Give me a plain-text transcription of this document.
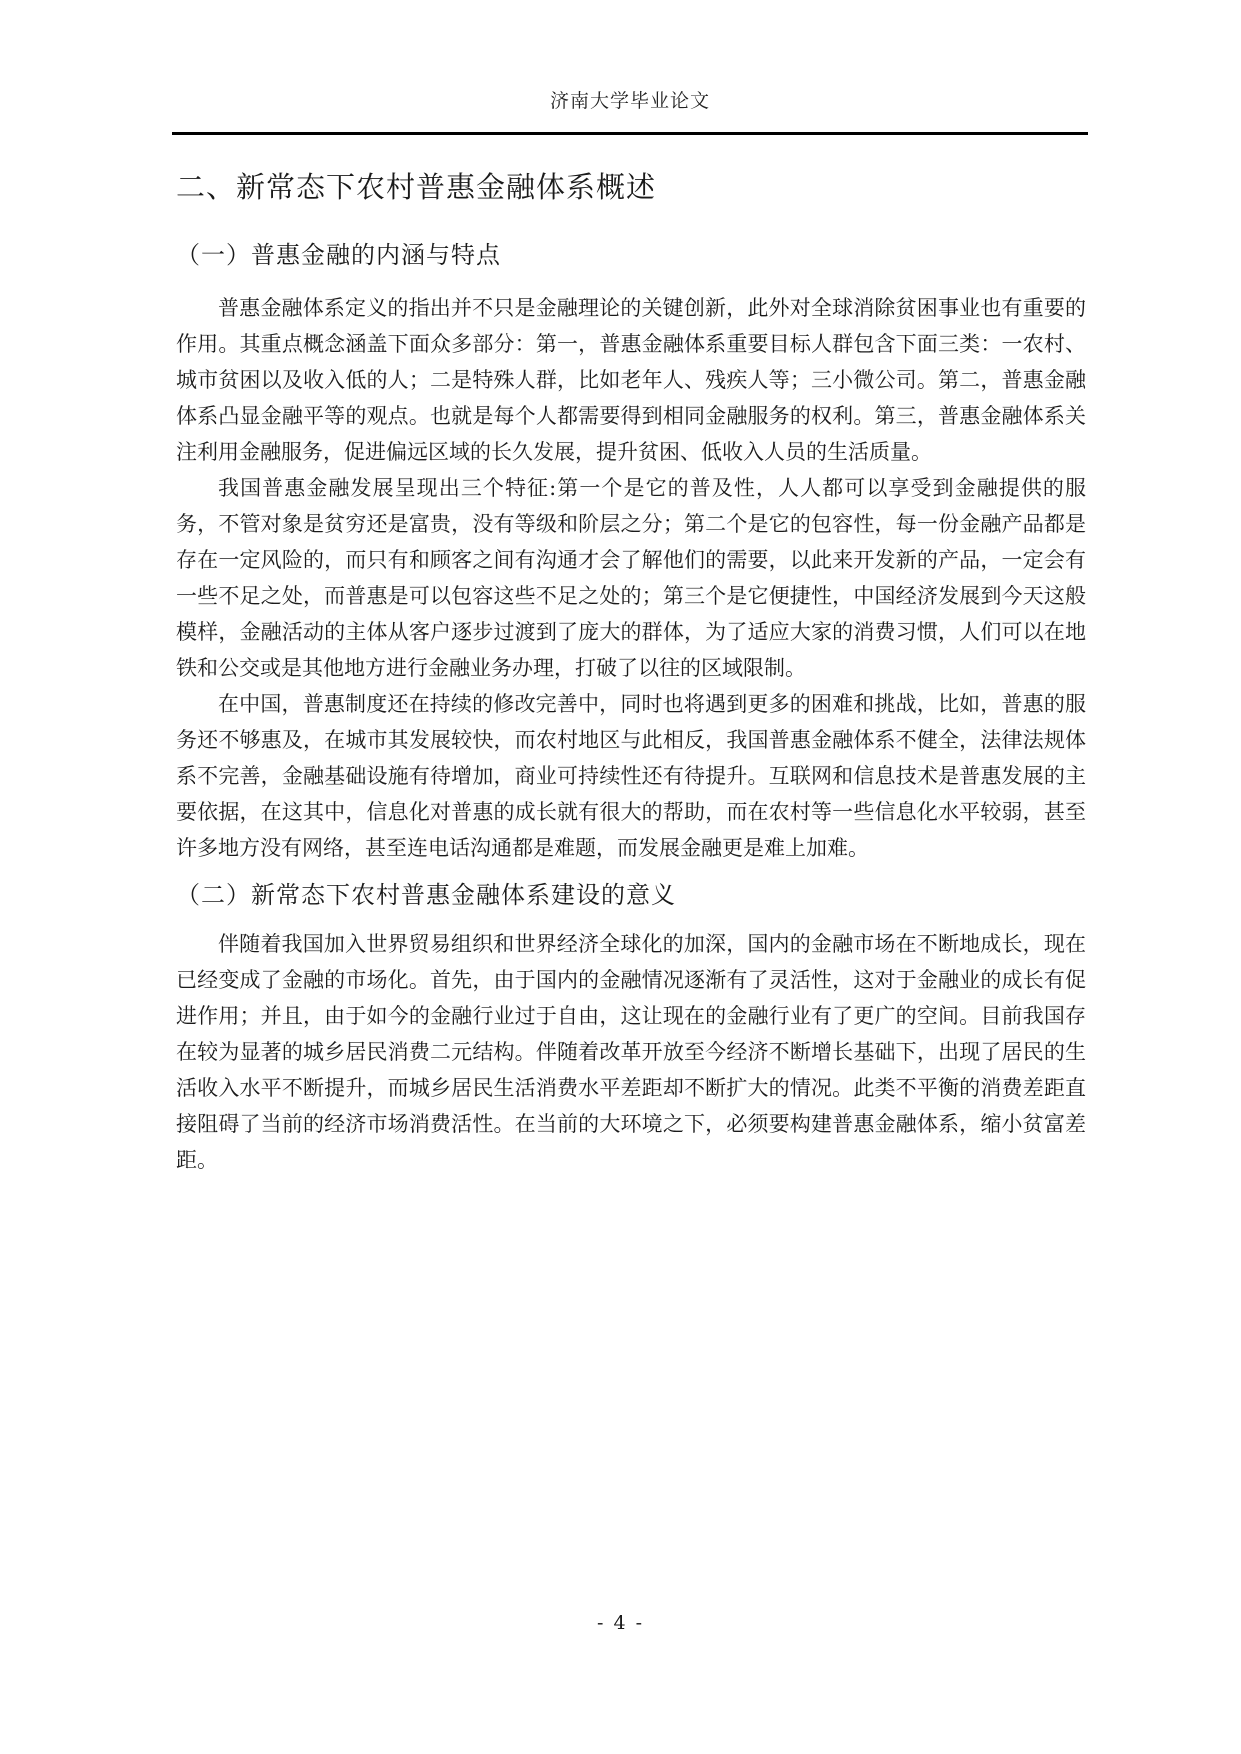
济南大学毕业论文
二、新常态下农村普惠金融体系概述
（一）普惠金融的内涵与特点

普惠金融体系定义的指出并不只是金融理论的关键创新，此外对全球消除贫困事业也有重要的作用。其重点概念涵盖下面众多部分：第一，普惠金融体系重要目标人群包含下面三类：一农村、城市贫困以及收入低的人；二是特殊人群，比如老年人、残疾人等；三小微公司。第二，普惠金融体系凸显金融平等的观点。也就是每个人都需要得到相同金融服务的权利。第三，普惠金融体系关注利用金融服务，促进偏远区域的长久发展，提升贫困、低收入人员的生活质量。

我国普惠金融发展呈现出三个特征:第一个是它的普及性，人人都可以享受到金融提供的服务，不管对象是贫穷还是富贵，没有等级和阶层之分；第二个是它的包容性，每一份金融产品都是存在一定风险的，而只有和顾客之间有沟通才会了解他们的需要，以此来开发新的产品，一定会有一些不足之处，而普惠是可以包容这些不足之处的；第三个是它便捷性，中国经济发展到今天这般模样，金融活动的主体从客户逐步过渡到了庞大的群体，为了适应大家的消费习惯，人们可以在地铁和公交或是其他地方进行金融业务办理，打破了以往的区域限制。

在中国，普惠制度还在持续的修改完善中，同时也将遇到更多的困难和挑战，比如，普惠的服务还不够惠及，在城市其发展较快，而农村地区与此相反，我国普惠金融体系不健全，法律法规体系不完善，金融基础设施有待增加，商业可持续性还有待提升。互联网和信息技术是普惠发展的主要依据，在这其中，信息化对普惠的成长就有很大的帮助，而在农村等一些信息化水平较弱，甚至许多地方没有网络，甚至连电话沟通都是难题，而发展金融更是难上加难。

（二）新常态下农村普惠金融体系建设的意义

伴随着我国加入世界贸易组织和世界经济全球化的加深，国内的金融市场在不断地成长，现在已经变成了金融的市场化。首先，由于国内的金融情况逐渐有了灵活性，这对于金融业的成长有促进作用；并且，由于如今的金融行业过于自由，这让现在的金融行业有了更广的空间。目前我国存在较为显著的城乡居民消费二元结构。伴随着改革开放至今经济不断增长基础下，出现了居民的生活收入水平不断提升，而城乡居民生活消费水平差距却不断扩大的情况。此类不平衡的消费差距直接阻碍了当前的经济市场消费活性。在当前的大环境之下，必须要构建普惠金融体系，缩小贫富差距。

- 4 -
